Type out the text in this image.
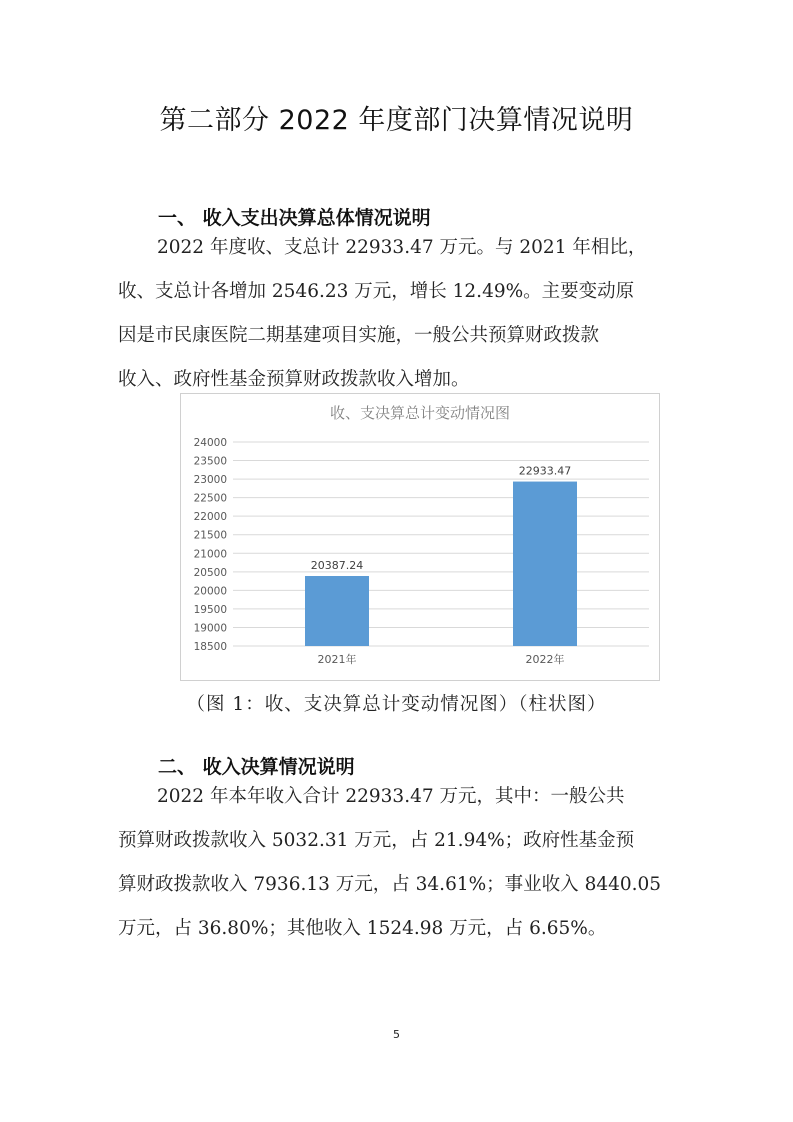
第二部分 2022 年度部门决算情况说明
一、 收入支出决算总体情况说明
2022 年度收、支总计 22933.47 万元。与 2021 年相比，
收、支总计各增加 2546.23 万元，增长 12.49%。主要变动原
因是市民康医院二期基建项目实施，一般公共预算财政拨款
收入、政府性基金预算财政拨款收入增加。
收、支决算总计变动情况图
18500
19000
19500
20000
20500
21000
21500
22000
22500
23000
23500
24000
20387.24
22933.47
2021年	2022年
（图 1：收、支决算总计变动情况图）（柱状图）
二、 收入决算情况说明
2022 年本年收入合计 22933.47 万元，其中：一般公共
预算财政拨款收入 5032.31 万元，占 21.94%；政府性基金预
算财政拨款收入 7936.13 万元，占 34.61%；事业收入 8440.05
万元，占 36.80%；其他收入 1524.98 万元，占 6.65%。
5
